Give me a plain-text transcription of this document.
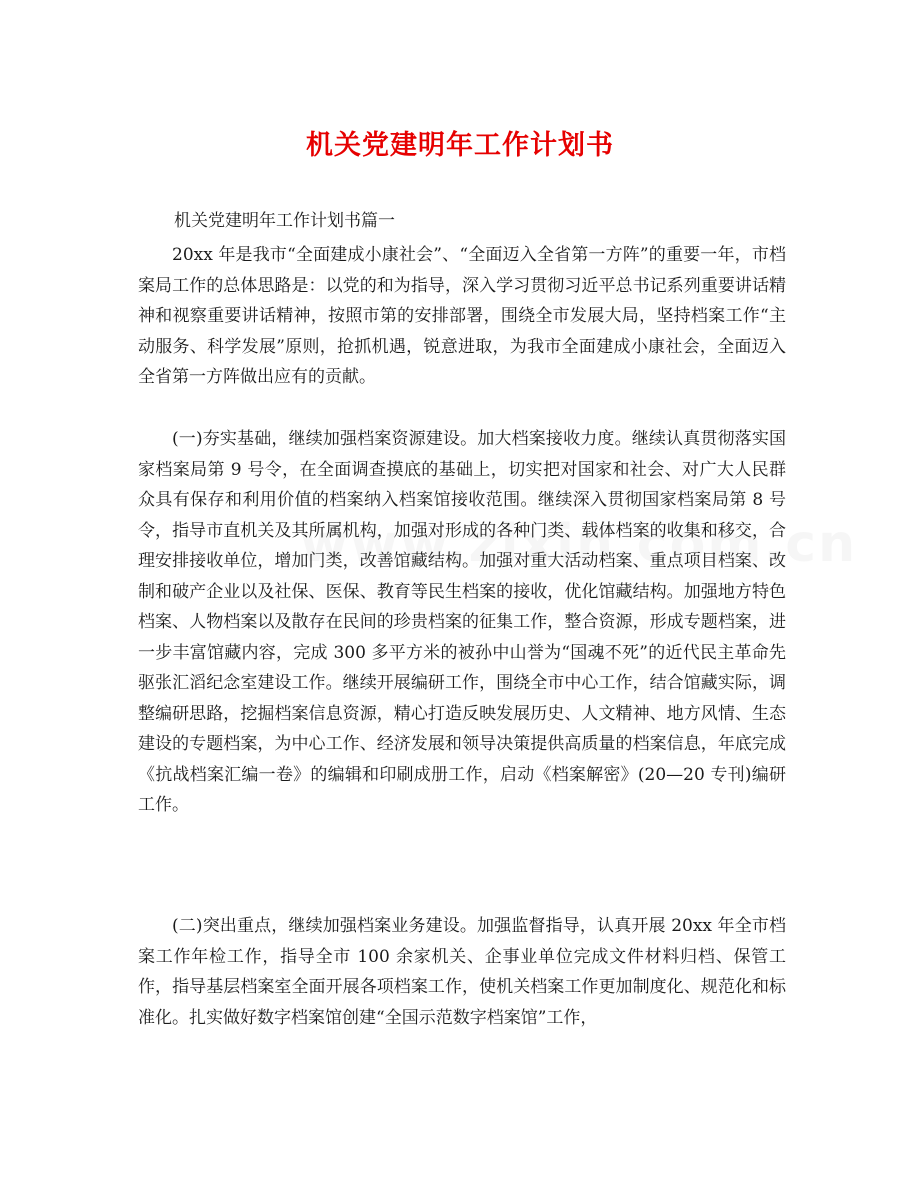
机关党建明年工作计划书
机关党建明年工作计划书篇一

20xx 年是我市“全面建成小康社会”、“全面迈入全省第一方阵”的重要一年，市档案局工作的总体思路是：以党的和为指导，深入学习贯彻习近平总书记系列重要讲话精神和视察重要讲话精神，按照市第的安排部署，围绕全市发展大局，坚持档案工作“主动服务、科学发展”原则，抢抓机遇，锐意进取，为我市全面建成小康社会，全面迈入全省第一方阵做出应有的贡献。

(一)夯实基础，继续加强档案资源建设。加大档案接收力度。继续认真贯彻落实国家档案局第 9 号令，在全面调查摸底的基础上，切实把对国家和社会、对广大人民群众具有保存和利用价值的档案纳入档案馆接收范围。继续深入贯彻国家档案局第 8 号令，指导市直机关及其所属机构，加强对形成的各种门类、载体档案的收集和移交，合理安排接收单位，增加门类，改善馆藏结构。加强对重大活动档案、重点项目档案、改制和破产企业以及社保、医保、教育等民生档案的接收，优化馆藏结构。加强地方特色档案、人物档案以及散存在民间的珍贵档案的征集工作，整合资源，形成专题档案，进一步丰富馆藏内容，完成 300 多平方米的被孙中山誉为“国魂不死”的近代民主革命先驱张汇滔纪念室建设工作。继续开展编研工作，围绕全市中心工作，结合馆藏实际，调整编研思路，挖掘档案信息资源，精心打造反映发展历史、人文精神、地方风情、生态建设的专题档案，为中心工作、经济发展和领导决策提供高质量的档案信息，年底完成《抗战档案汇编一卷》的编辑和印刷成册工作，启动《档案解密》(20—20 专刊)编研工作。

(二)突出重点，继续加强档案业务建设。加强监督指导，认真开展 20xx 年全市档案工作年检工作，指导全市 100 余家机关、企事业单位完成文件材料归档、保管工作，指导基层档案室全面开展各项档案工作，使机关档案工作更加制度化、规范化和标准化。扎实做好数字档案馆创建“全国示范数字档案馆”工作，
